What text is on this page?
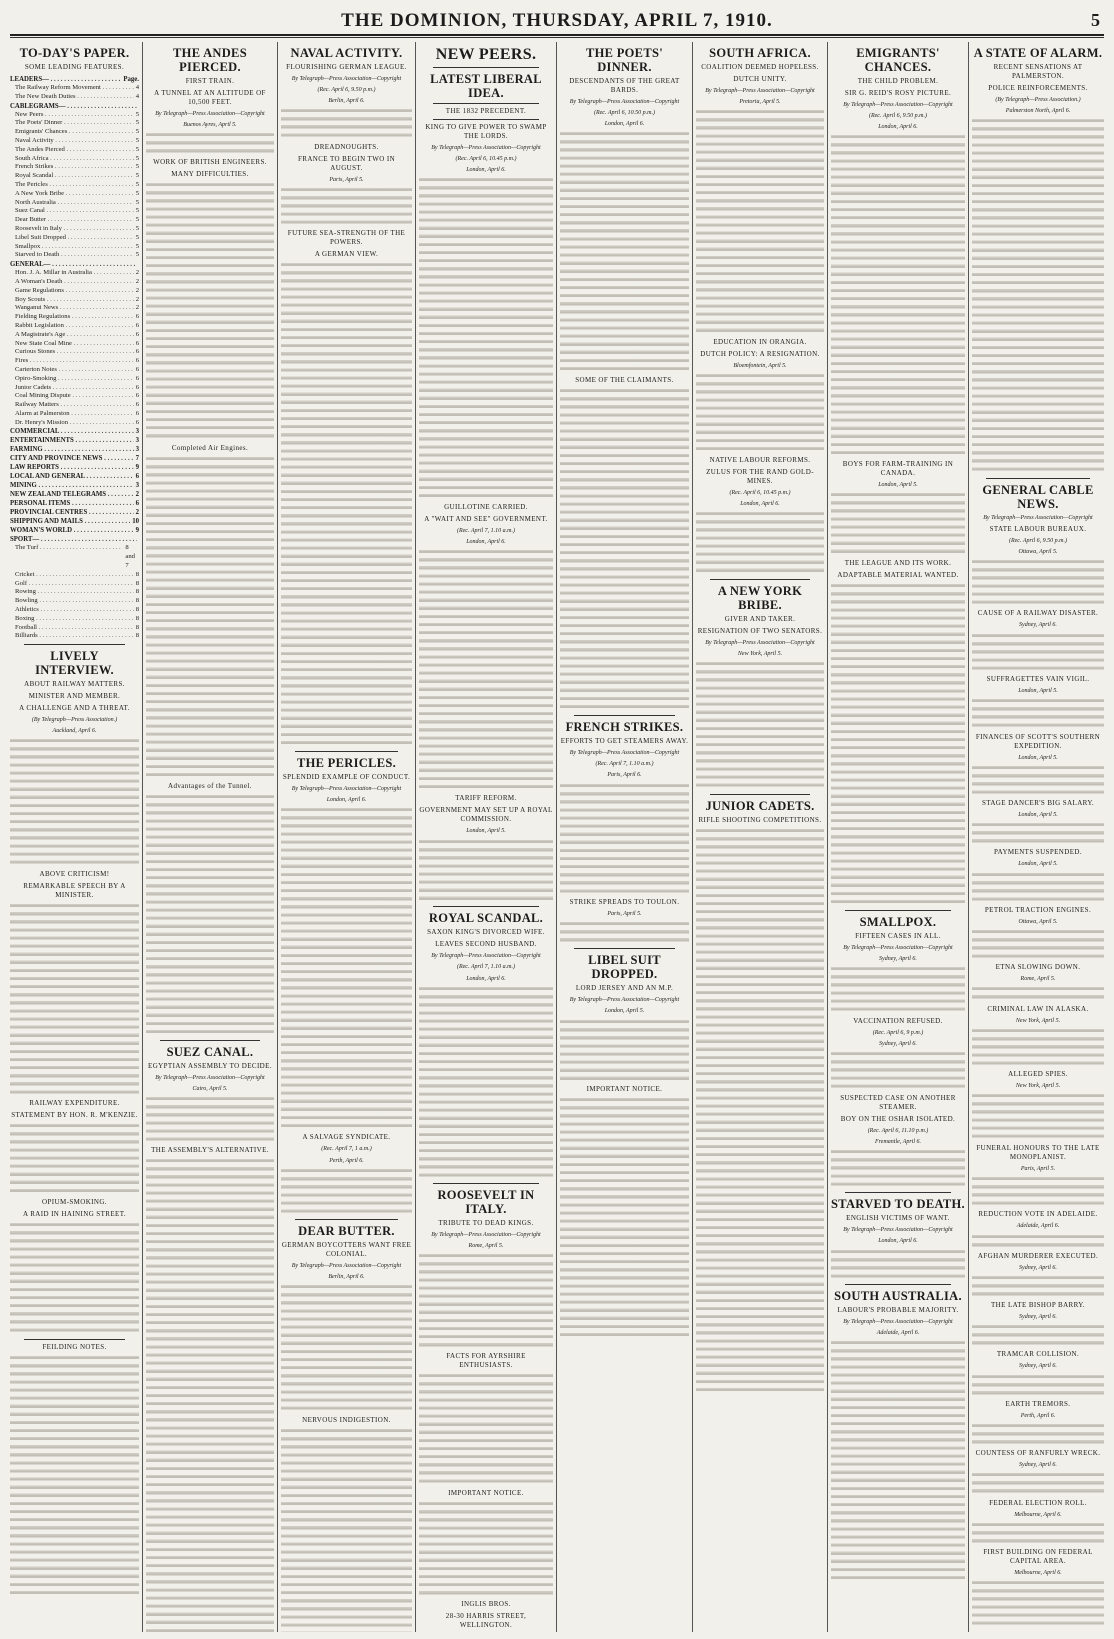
THE DOMINION, THURSDAY, APRIL 7, 1910.	5
TO-DAY'S PAPER.
SOME LEADING FEATURES.
LEADERS— . . .	Page.
The Railway Reform Movement . . .	4
The New Death Duties . . .	4
CABLEGRAMS— . . .
New Peers . . .	5
The Poets' Dinner . . .	5
Emigrants' Chances . . .	5
Naval Activity . . .	5
The Andes Pierced . . .	5
South Africa . . .	5
French Strikes . . .	5
Royal Scandal . . .	5
The Pericles . . .	5
A New York Bribe . . .	5
North Australia . . .	5
Suez Canal . . .	5
Dear Butter . . .	5
Roosevelt in Italy . . .	5
Libel Suit Dropped . . .	5
Smallpox . . .	5
Starved to Death . . .	5
GENERAL— . . .
Hon. J. A. Millar in Australia . . .	2
A Woman's Death . . .	2
Game Regulations . . .	2
Boy Scouts . . .	2
Wanganui News . . .	2
Fielding Regulations . . .	6
Rabbit Legislation . . .	6
A Magistrate's Age . . .	6
New State Coal Mine . . .	6
Curious Stones . . .	6
Fires . . .	6
Carterton Notes . . .	6
Opiro-Smoking . . .	6
Junior Cadets . . .	6
Coal Mining Dispute . . .	6
Railway Matters . . .	6
Alarm at Palmerston . . .	6
Dr. Henry's Mission . . .	6
COMMERCIAL . . .	3
ENTERTAINMENTS . . .	3
FARMING . . .	3
CITY AND PROVINCE NEWS . . .	7
LAW REPORTS . . .	9
LOCAL AND GENERAL . . .	6
MINING . . .	3
NEW ZEALAND TELEGRAMS . . .	2
PERSONAL ITEMS . . .	6
PROVINCIAL CENTRES . . .	2
SHIPPING AND MAILS . . .	10
WOMAN'S WORLD . . .	9
SPORT— . . .
The Turf . . .	8 and 7
Cricket . . .	8
Golf . . .	8
Rowing . . .	8
Bowling . . .	8
Athletics . . .	8
Boxing . . .	8
Football . . .	8
Billiards . . .	8
LIVELY INTERVIEW.
ABOUT RAILWAY MATTERS.
MINISTER AND MEMBER.
A CHALLENGE AND A THREAT.
(By Telegraph—Press Association.)
Auckland, April 6.
ABOVE CRITICISM!
REMARKABLE SPEECH BY A MINISTER.
RAILWAY EXPENDITURE.
STATEMENT BY HON. R. M'KENZIE.
OPIUM-SMOKING.
A RAID IN HAINING STREET.
FEILDING NOTES.
THE ANDES PIERCED.
FIRST TRAIN.
A TUNNEL AT AN ALTITUDE OF 10,500 FEET.
By Telegraph—Press Association—Copyright
Buenos Ayres, April 5.
WORK OF BRITISH ENGINEERS.
MANY DIFFICULTIES.
Completed Air Engines.
Advantages of the Tunnel.
SUEZ CANAL.
EGYPTIAN ASSEMBLY TO DECIDE.
By Telegraph—Press Association—Copyright
Cairo, April 5.
THE ASSEMBLY'S ALTERNATIVE.
NAVAL ACTIVITY.
FLOURISHING GERMAN LEAGUE.
By Telegraph—Press Association—Copyright
(Rec. April 6, 9.50 p.m.)
Berlin, April 6.
DREADNOUGHTS.
FRANCE TO BEGIN TWO IN AUGUST.
Paris, April 5.
FUTURE SEA-STRENGTH OF THE POWERS.
A GERMAN VIEW.
THE PERICLES.
SPLENDID EXAMPLE OF CONDUCT.
By Telegraph—Press Association—Copyright
London, April 6.
A SALVAGE SYNDICATE.
(Rec. April 7, 1 a.m.)
Perth, April 6.
DEAR BUTTER.
GERMAN BOYCOTTERS WANT FREE COLONIAL.
By Telegraph—Press Association—Copyright
Berlin, April 6.
NERVOUS INDIGESTION.
NEW PEERS.
LATEST LIBERAL IDEA.
THE 1832 PRECEDENT.
KING TO GIVE POWER TO SWAMP THE LORDS.
By Telegraph—Press Association—Copyright
(Rec. April 6, 10.45 p.m.)
London, April 6.
GUILLOTINE CARRIED.
A "WAIT AND SEE" GOVERNMENT.
(Rec. April 7, 1.10 a.m.)
London, April 6.
TARIFF REFORM.
GOVERNMENT MAY SET UP A ROYAL COMMISSION.
London, April 5.
ROYAL SCANDAL.
SAXON KING'S DIVORCED WIFE.
LEAVES SECOND HUSBAND.
By Telegraph—Press Association—Copyright
(Rec. April 7, 1.10 a.m.)
London, April 6.
ROOSEVELT IN ITALY.
TRIBUTE TO DEAD KINGS.
By Telegraph—Press Association—Copyright
Rome, April 5.
FACTS FOR AYRSHIRE ENTHUSIASTS.
IMPORTANT NOTICE.
INGLIS BROS.
28-30 HARRIS STREET, WELLINGTON.
THE POETS' DINNER.
DESCENDANTS OF THE GREAT BARDS.
By Telegraph—Press Association—Copyright
(Rec. April 6, 10.50 p.m.)
London, April 6.
SOME OF THE CLAIMANTS.
FRENCH STRIKES.
EFFORTS TO GET STEAMERS AWAY.
By Telegraph—Press Association—Copyright
(Rec. April 7, 1.10 a.m.)
Paris, April 6.
STRIKE SPREADS TO TOULON.
Paris, April 5.
LIBEL SUIT DROPPED.
LORD JERSEY AND AN M.P.
By Telegraph—Press Association—Copyright
London, April 5.
IMPORTANT NOTICE.
SOUTH AFRICA.
COALITION DEEMED HOPELESS.
DUTCH UNITY.
By Telegraph—Press Association—Copyright
Pretoria, April 5.
EDUCATION IN ORANGIA.
DUTCH POLICY: A RESIGNATION.
Bloemfontein, April 5.
NATIVE LABOUR REFORMS.
ZULUS FOR THE RAND GOLD-MINES.
(Rec. April 6, 10.45 p.m.)
London, April 6.
A NEW YORK BRIBE.
GIVER AND TAKER.
RESIGNATION OF TWO SENATORS.
By Telegraph—Press Association—Copyright
New York, April 5.
JUNIOR CADETS.
RIFLE SHOOTING COMPETITIONS.
EMIGRANTS' CHANCES.
THE CHILD PROBLEM.
SIR G. REID'S ROSY PICTURE.
By Telegraph—Press Association—Copyright
(Rec. April 6, 9.50 p.m.)
London, April 6.
BOYS FOR FARM-TRAINING IN CANADA.
London, April 5.
THE LEAGUE AND ITS WORK.
ADAPTABLE MATERIAL WANTED.
SMALLPOX.
FIFTEEN CASES IN ALL.
By Telegraph—Press Association—Copyright
Sydney, April 6.
VACCINATION REFUSED.
(Rec. April 6, 9 p.m.)
Sydney, April 6.
SUSPECTED CASE ON ANOTHER STEAMER.
BOY ON THE OSHAR ISOLATED.
(Rec. April 6, 11.10 p.m.)
Fremantle, April 6.
STARVED TO DEATH.
ENGLISH VICTIMS OF WANT.
By Telegraph—Press Association—Copyright
London, April 6.
SOUTH AUSTRALIA.
LABOUR'S PROBABLE MAJORITY.
By Telegraph—Press Association—Copyright
Adelaide, April 6.
A STATE OF ALARM.
RECENT SENSATIONS AT PALMERSTON.
POLICE REINFORCEMENTS.
(By Telegraph—Press Association.)
Palmerston North, April 6.
GENERAL CABLE NEWS.
By Telegraph—Press Association—Copyright
STATE LABOUR BUREAUX.
(Rec. April 6, 9.50 p.m.)
Ottawa, April 5.
CAUSE OF A RAILWAY DISASTER.
Sydney, April 6.
SUFFRAGETTES VAIN VIGIL.
London, April 5.
FINANCES OF SCOTT'S SOUTHERN EXPEDITION.
London, April 5.
STAGE DANCER'S BIG SALARY.
London, April 5.
PAYMENTS SUSPENDED.
London, April 5.
PETROL TRACTION ENGINES.
Ottawa, April 5.
ETNA SLOWING DOWN.
Rome, April 5.
CRIMINAL LAW IN ALASKA.
New York, April 5.
ALLEGED SPIES.
New York, April 5.
FUNERAL HONOURS TO THE LATE MONOPLANIST.
Paris, April 5.
REDUCTION VOTE IN ADELAIDE.
Adelaide, April 6.
AFGHAN MURDERER EXECUTED.
Sydney, April 6.
THE LATE BISHOP BARRY.
Sydney, April 6.
TRAMCAR COLLISION.
Sydney, April 6.
EARTH TREMORS.
Perth, April 6.
COUNTESS OF RANFURLY WRECK.
Sydney, April 6.
FEDERAL ELECTION ROLL.
Melbourne, April 6.
FIRST BUILDING ON FEDERAL CAPITAL AREA.
Melbourne, April 6.
